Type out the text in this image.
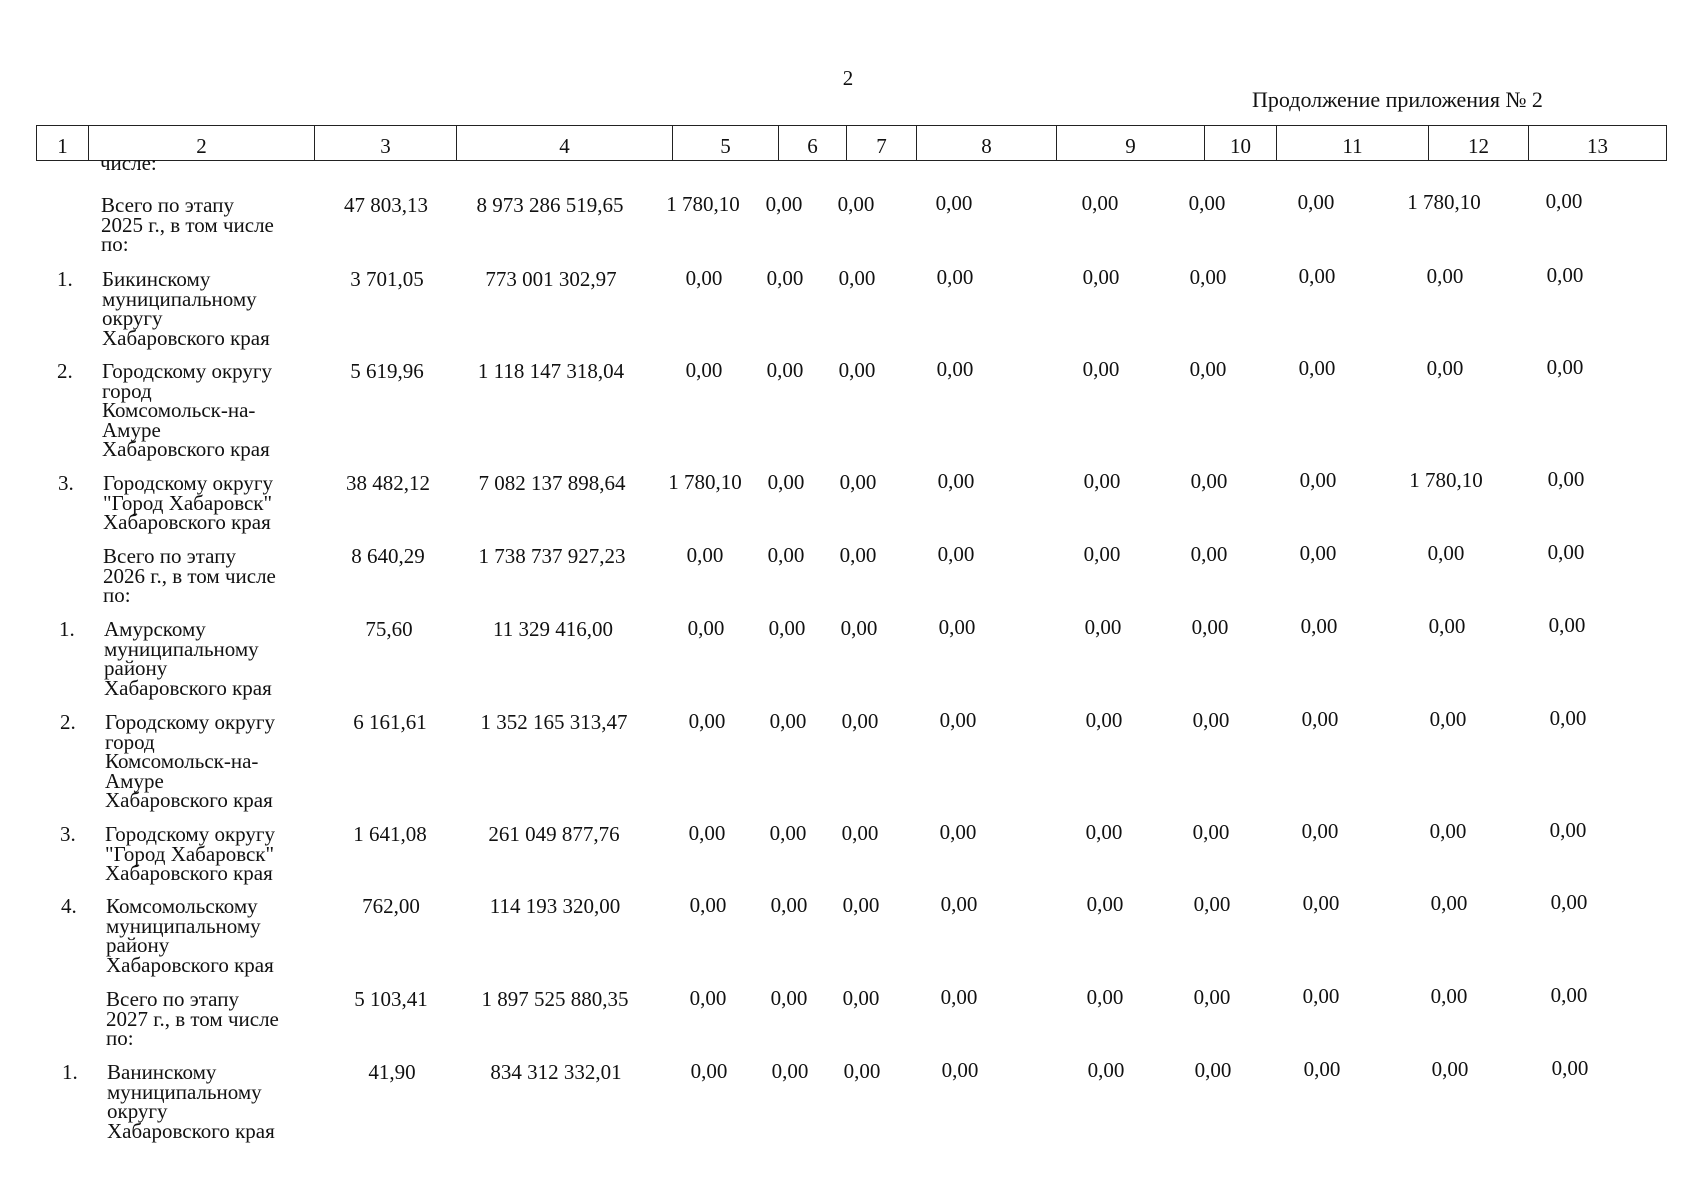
2
Продолжение приложения № 2
1	2	3	4	5	6	7	8	9	10	11	12	13
числе:
Всего по этапу
2025 г., в том числе
по:
47 803,13	8 973 286 519,65	1 780,10	0,00	0,00	0,00	0,00	0,00	0,00	1 780,10	0,00
1.	Бикинскому
муниципальному
округу
Хабаровского края
3 701,05	773 001 302,97	0,00	0,00	0,00	0,00	0,00	0,00	0,00	0,00	0,00
2.	Городскому округу
город
Комсомольск-на-
Амуре
Хабаровского края
5 619,96	1 118 147 318,04	0,00	0,00	0,00	0,00	0,00	0,00	0,00	0,00	0,00
3.	Городскому округу
"Город Хабаровск"
Хабаровского края
38 482,12	7 082 137 898,64	1 780,10	0,00	0,00	0,00	0,00	0,00	0,00	1 780,10	0,00
Всего по этапу
2026 г., в том числе
по:
8 640,29	1 738 737 927,23	0,00	0,00	0,00	0,00	0,00	0,00	0,00	0,00	0,00
1.	Амурскому
муниципальному
району
Хабаровского края
75,60	11 329 416,00	0,00	0,00	0,00	0,00	0,00	0,00	0,00	0,00	0,00
2.	Городскому округу
город
Комсомольск-на-
Амуре
Хабаровского края
6 161,61	1 352 165 313,47	0,00	0,00	0,00	0,00	0,00	0,00	0,00	0,00	0,00
3.	Городскому округу
"Город Хабаровск"
Хабаровского края
1 641,08	261 049 877,76	0,00	0,00	0,00	0,00	0,00	0,00	0,00	0,00	0,00
4.	Комсомольскому
муниципальному
району
Хабаровского края
762,00	114 193 320,00	0,00	0,00	0,00	0,00	0,00	0,00	0,00	0,00	0,00
Всего по этапу
2027 г., в том числе
по:
5 103,41	1 897 525 880,35	0,00	0,00	0,00	0,00	0,00	0,00	0,00	0,00	0,00
1.	Ванинскому
муниципальному
округу
Хабаровского края
41,90	834 312 332,01	0,00	0,00	0,00	0,00	0,00	0,00	0,00	0,00	0,00
